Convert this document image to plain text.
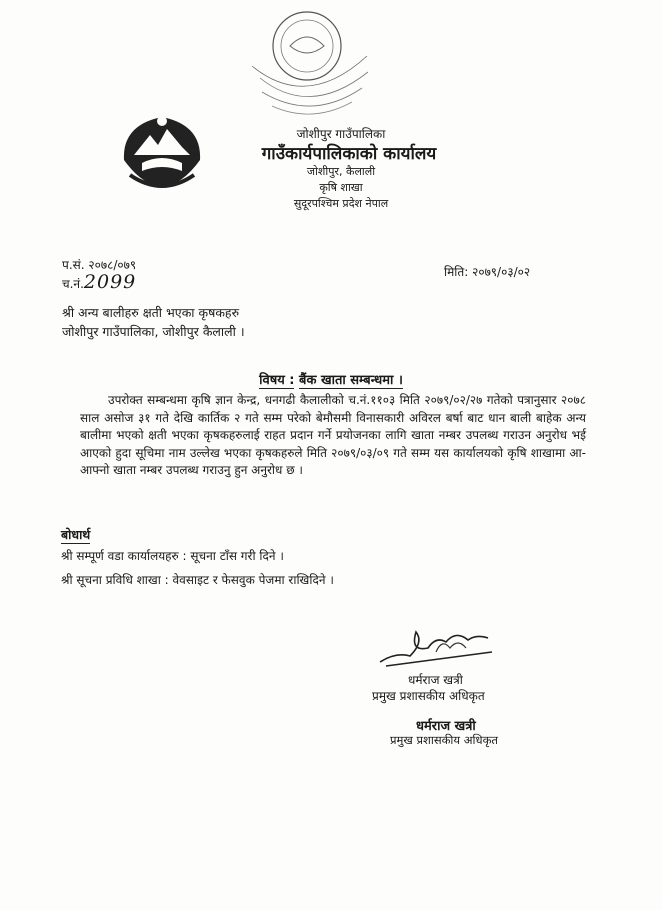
जोशीपुर गाउँपालिका
गाउँकार्यपालिकाको कार्यालय
जोशीपुर, कैलाली
कृषि शाखा
सुदूरपश्चिम प्रदेश नेपाल
प.सं. २०७८/०७९
च.नं.2099	मिति: २०७९/०३/०२
श्री अन्य बालीहरु क्षती भएका कृषकहरु
जोशीपुर गाउँपालिका, जोशीपुर कैलाली ।
विषय : बैंक खाता सम्बन्धमा ।
उपरोक्त सम्बन्धमा कृषि ज्ञान केन्द्र, धनगढी कैलालीको च.नं.११०३ मिति २०७९/०२/२७ गतेको पत्रानुसार २०७८ साल असोज ३१ गते देखि कार्तिक २ गते सम्म परेको बेमौसमी विनासकारी अविरल बर्षा बाट धान बाली बाहेक अन्य बालीमा भएको क्षती भएका कृषकहरुलाई राहत प्रदान गर्ने प्रयोजनका लागि खाता नम्बर उपलब्ध गराउन अनुरोध भई आएको हुदा सूचिमा नाम उल्लेख भएका कृषकहरुले मिति २०७९/०३/०९ गते सम्म यस कार्यालयको कृषि शाखामा आ-आफ्नो खाता नम्बर उपलब्ध गराउनु हुन अनुरोध छ ।
बोधार्थ
श्री सम्पूर्ण वडा कार्यालयहरु : सूचना टाँस गरी दिने ।
श्री सूचना प्रविधि शाखा : वेवसाइट र फेसवुक पेजमा राखिदिने ।
धर्मराज खत्री
प्रमुख प्रशासकीय अधिकृत
धर्मराज खत्री
प्रमुख प्रशासकीय अधिकृत
